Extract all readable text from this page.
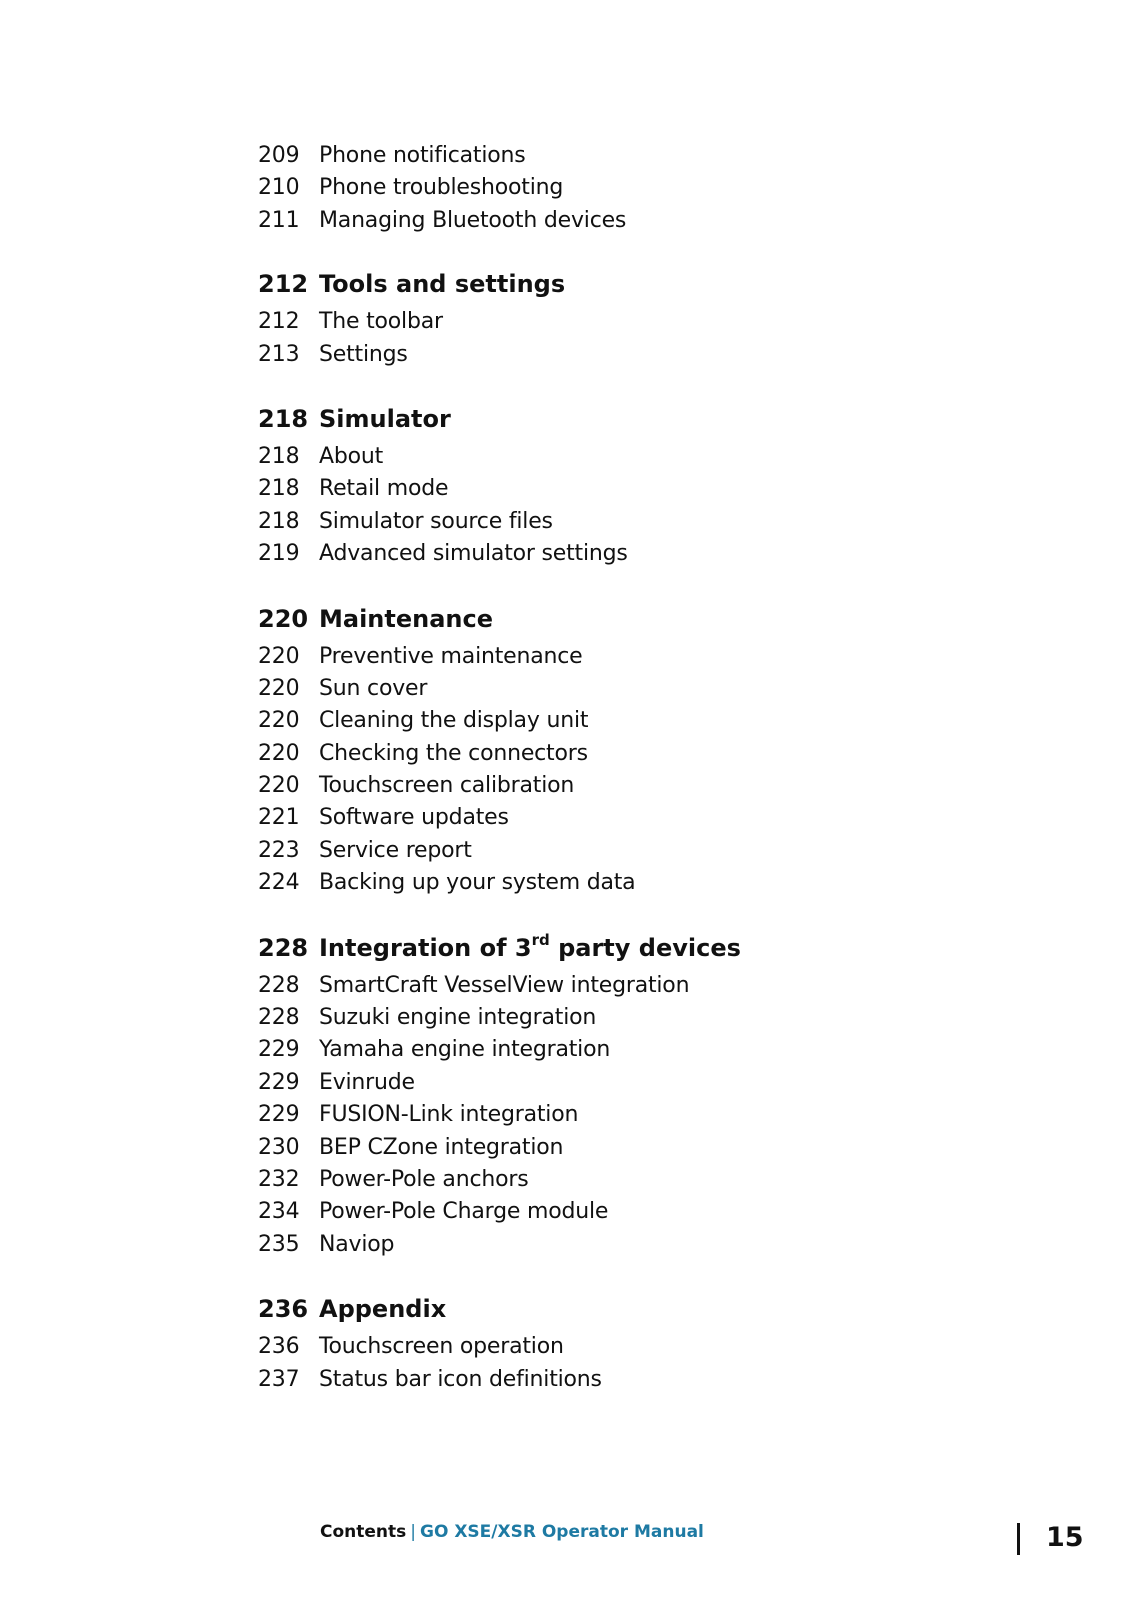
209 Phone notifications
210 Phone troubleshooting
211 Managing Bluetooth devices
212 Tools and settings
212 The toolbar
213 Settings
218 Simulator
218 About
218 Retail mode
218 Simulator source files
219 Advanced simulator settings
220 Maintenance
220 Preventive maintenance
220 Sun cover
220 Cleaning the display unit
220 Checking the connectors
220 Touchscreen calibration
221 Software updates
223 Service report
224 Backing up your system data
228 Integration of 3rd party devices
228 SmartCraft VesselView integration
228 Suzuki engine integration
229 Yamaha engine integration
229 Evinrude
229 FUSION-Link integration
230 BEP CZone integration
232 Power-Pole anchors
234 Power-Pole Charge module
235 Naviop
236 Appendix
236 Touchscreen operation
237 Status bar icon definitions
Contents | GO XSE/XSR Operator Manual	15
